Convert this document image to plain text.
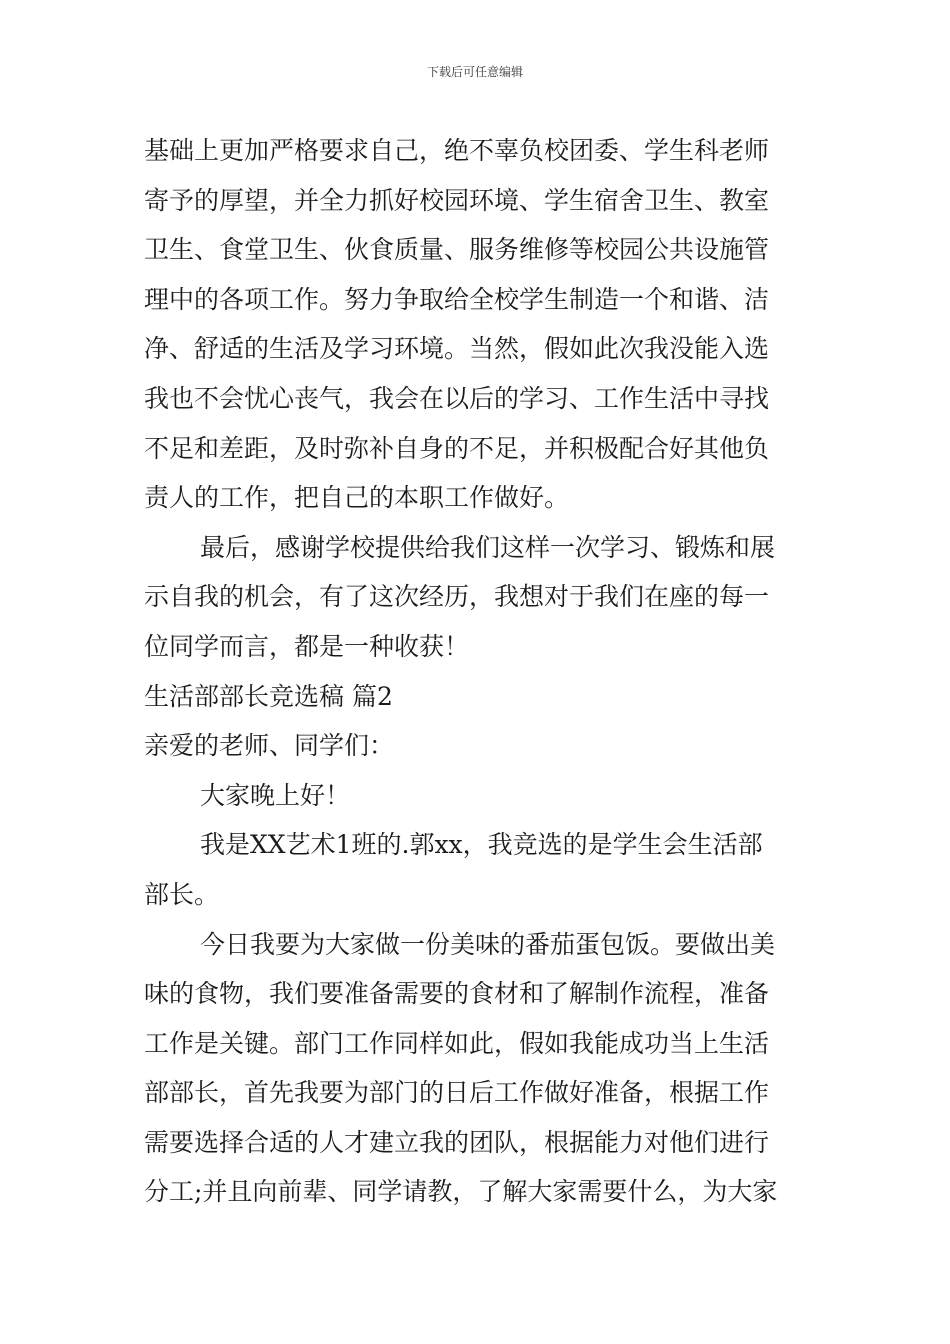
下载后可任意编辑
基础上更加严格要求自己，绝不辜负校团委、学生科老师
寄予的厚望，并全力抓好校园环境、学生宿舍卫生、教室
卫生、食堂卫生、伙食质量、服务维修等校园公共设施管
理中的各项工作。努力争取给全校学生制造一个和谐、洁
净、舒适的生活及学习环境。当然，假如此次我没能入选
我也不会忧心丧气，我会在以后的学习、工作生活中寻找
不足和差距，及时弥补自身的不足，并积极配合好其他负
责人的工作，把自己的本职工作做好。
最后，感谢学校提供给我们这样一次学习、锻炼和展
示自我的机会，有了这次经历，我想对于我们在座的每一
位同学而言，都是一种收获！
生活部部长竞选稿 篇2
亲爱的老师、同学们：
大家晚上好！
我是XX艺术1班的.郭xx，我竞选的是学生会生活部
部长。
今日我要为大家做一份美味的番茄蛋包饭。要做出美
味的食物，我们要准备需要的食材和了解制作流程，准备
工作是关键。部门工作同样如此，假如我能成功当上生活
部部长，首先我要为部门的日后工作做好准备，根据工作
需要选择合适的人才建立我的团队，根据能力对他们进行
分工;并且向前辈、同学请教，了解大家需要什么，为大家
